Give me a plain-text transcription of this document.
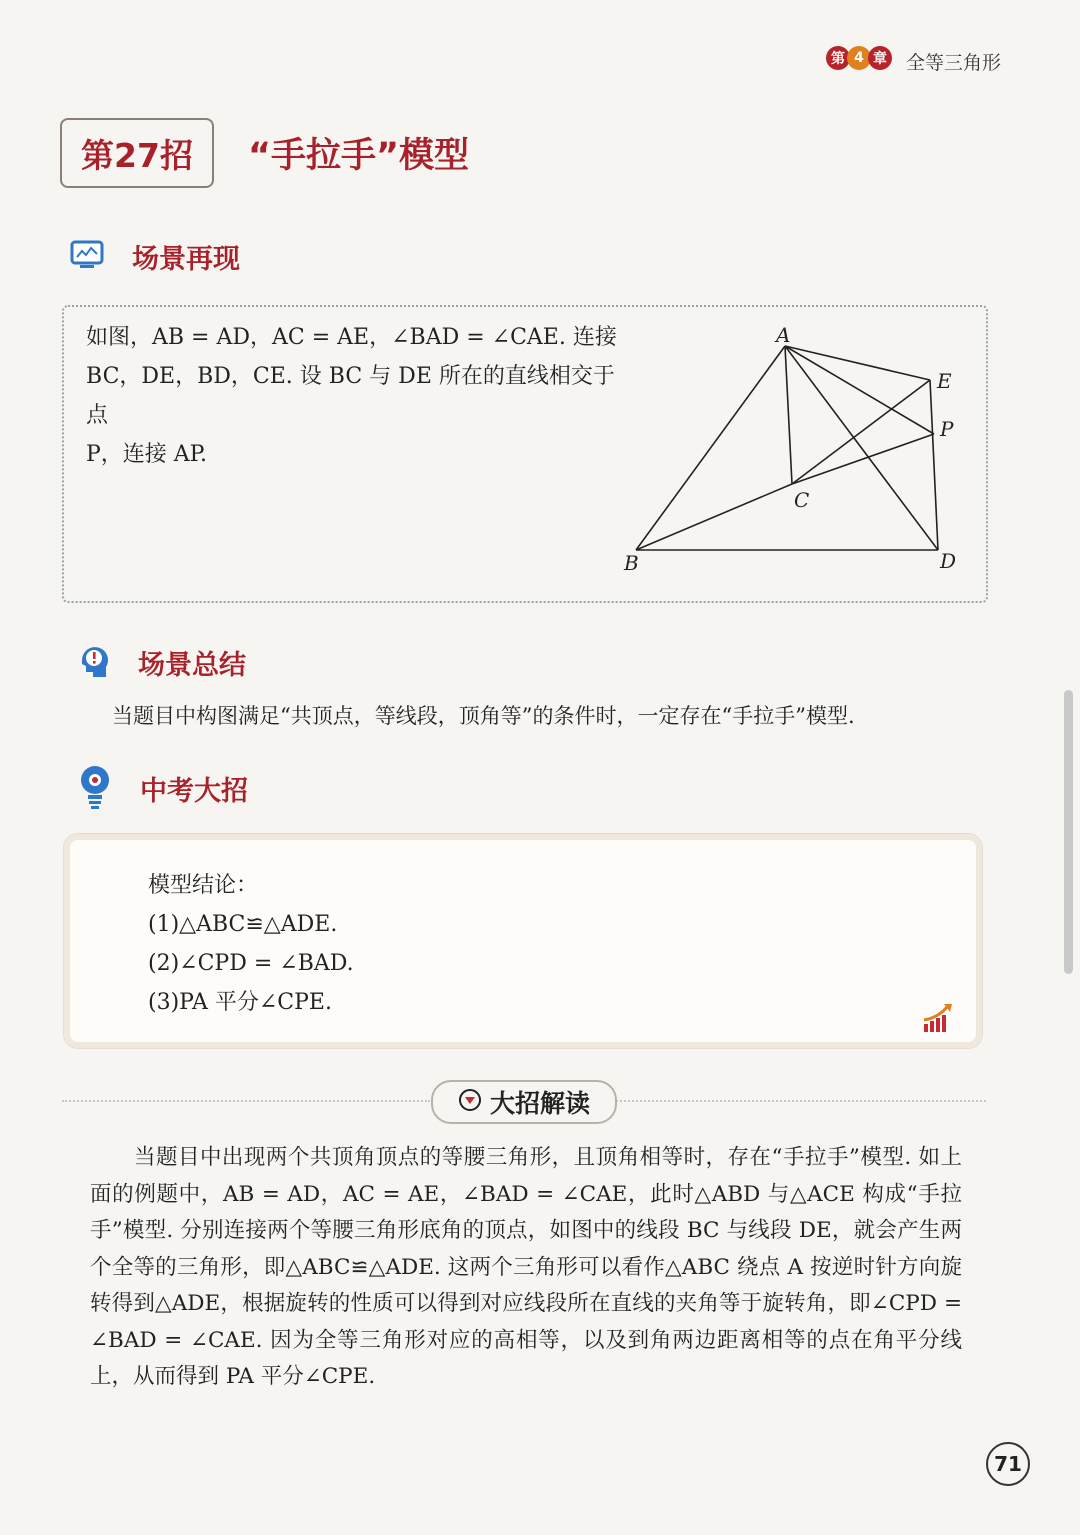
第 4 章 全等三角形
第27招	“手拉手”模型
场景再现
如图，AB = AD，AC = AE，∠BAD = ∠CAE. 连接
BC，DE，BD，CE. 设 BC 与 DE 所在的直线相交于点
P，连接 AP.
A
B
C
D
E
P
场景总结
当题目中构图满足“共顶点，等线段，顶角等”的条件时，一定存在“手拉手”模型.
中考大招
模型结论：
(1)△ABC≌△ADE.
(2)∠CPD = ∠BAD.
(3)PA 平分∠CPE.
大招解读
当题目中出现两个共顶角顶点的等腰三角形，且顶角相等时，存在“手拉手”模型. 如上面的例题中，AB = AD，AC = AE，∠BAD = ∠CAE，此时△ABD 与△ACE 构成“手拉手”模型. 分别连接两个等腰三角形底角的顶点，如图中的线段 BC 与线段 DE，就会产生两个全等的三角形，即△ABC≌△ADE. 这两个三角形可以看作△ABC 绕点 A 按逆时针方向旋转得到△ADE，根据旋转的性质可以得到对应线段所在直线的夹角等于旋转角，即∠CPD = ∠BAD = ∠CAE. 因为全等三角形对应的高相等，以及到角两边距离相等的点在角平分线上，从而得到 PA 平分∠CPE.
71
